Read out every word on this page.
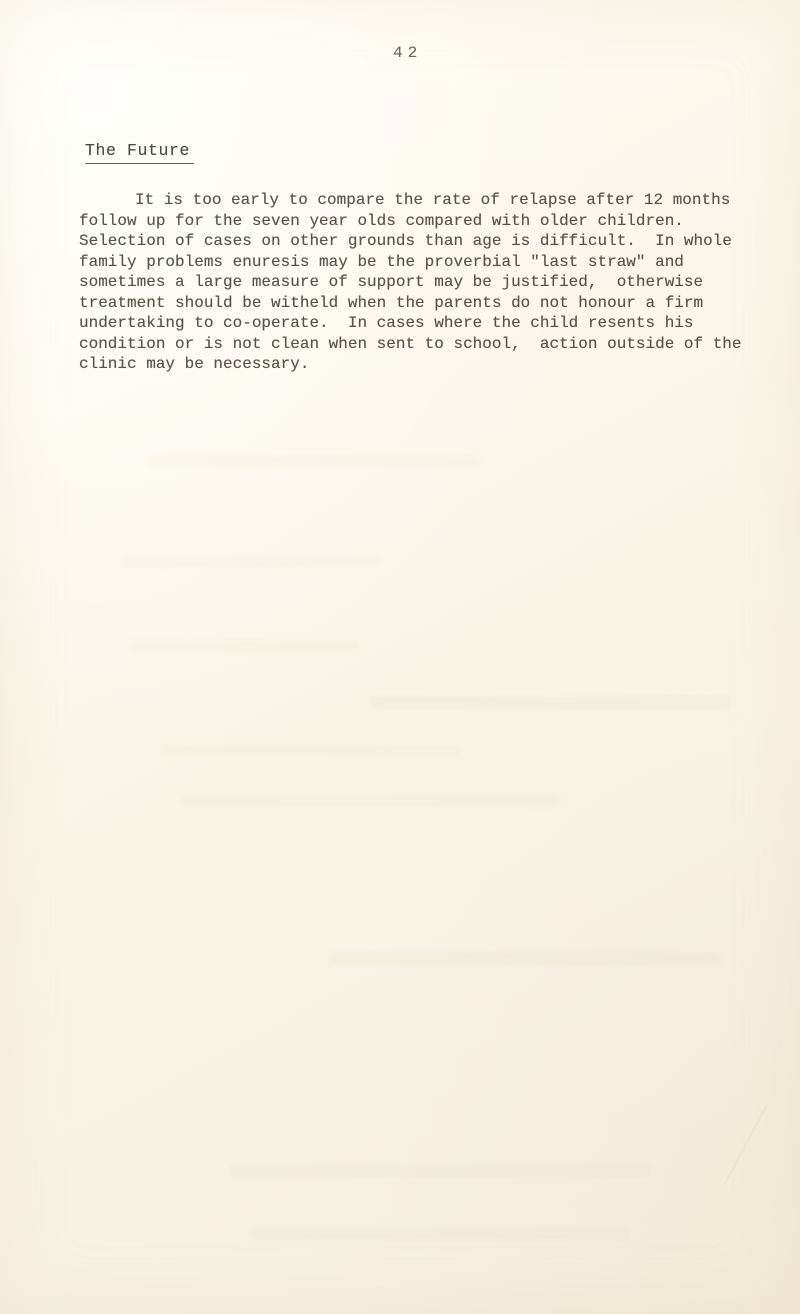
42
The Future
It is too early to compare the rate of relapse after 12 months
follow up for the seven year olds compared with older children.
Selection of cases on other grounds than age is difficult.  In whole
family problems enuresis may be the proverbial "last straw" and
sometimes a large measure of support may be justified,  otherwise
treatment should be witheld when the parents do not honour a firm
undertaking to co-operate.  In cases where the child resents his
condition or is not clean when sent to school,  action outside of the
clinic may be necessary.
